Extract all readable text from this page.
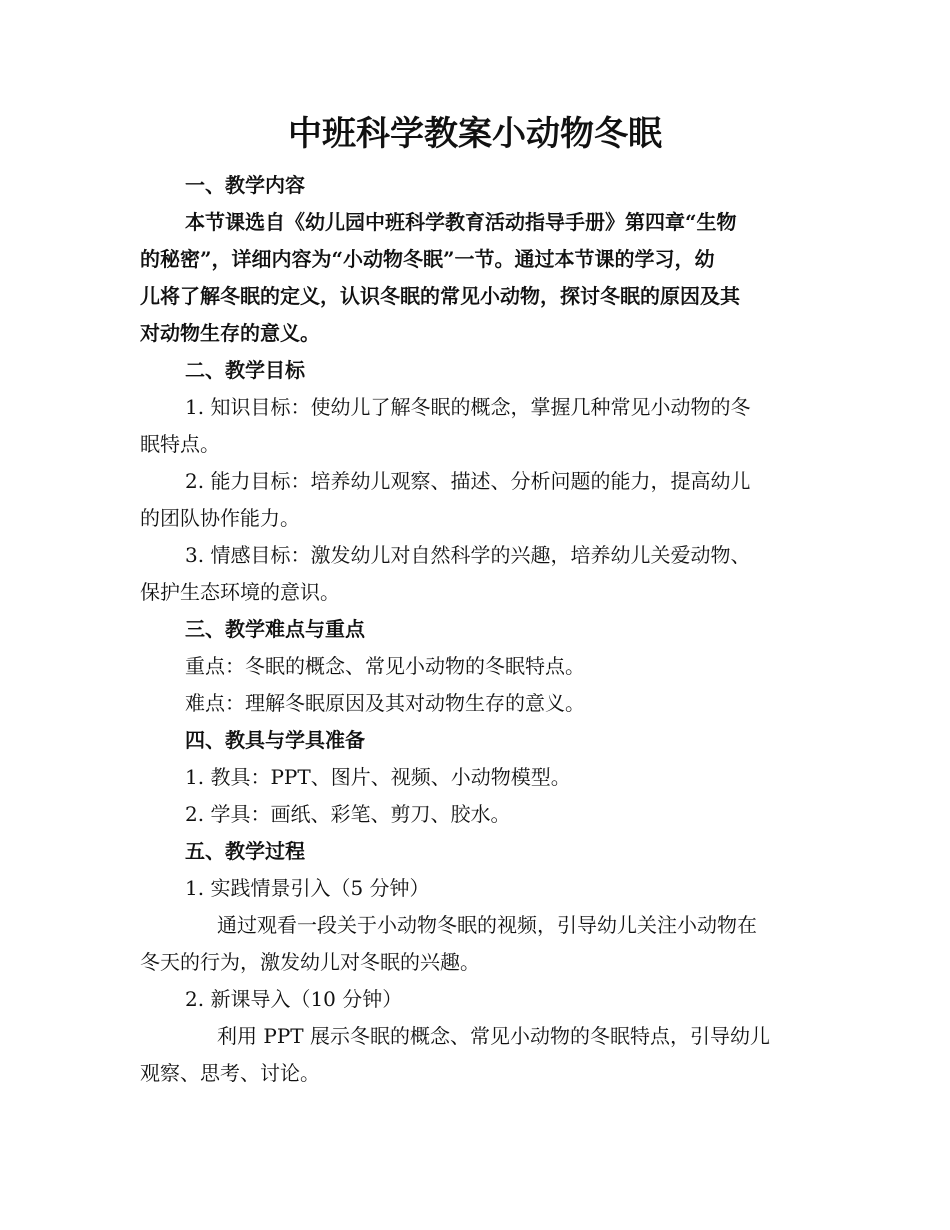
中班科学教案小动物冬眠

一、教学内容

本节课选自《幼儿园中班科学教育活动指导手册》第四章“生物

的秘密”，详细内容为“小动物冬眠”一节。通过本节课的学习，幼

儿将了解冬眠的定义，认识冬眠的常见小动物，探讨冬眠的原因及其

对动物生存的意义。

二、教学目标

1. 知识目标：使幼儿了解冬眠的概念，掌握几种常见小动物的冬

眠特点。

2. 能力目标：培养幼儿观察、描述、分析问题的能力，提高幼儿

的团队协作能力。

3. 情感目标：激发幼儿对自然科学的兴趣，培养幼儿关爱动物、

保护生态环境的意识。

三、教学难点与重点

重点：冬眠的概念、常见小动物的冬眠特点。

难点：理解冬眠原因及其对动物生存的意义。

四、教具与学具准备

1. 教具：PPT、图片、视频、小动物模型。

2. 学具：画纸、彩笔、剪刀、胶水。

五、教学过程

1. 实践情景引入（5 分钟）

通过观看一段关于小动物冬眠的视频，引导幼儿关注小动物在

冬天的行为，激发幼儿对冬眠的兴趣。

2. 新课导入（10 分钟）

利用 PPT 展示冬眠的概念、常见小动物的冬眠特点，引导幼儿

观察、思考、讨论。
